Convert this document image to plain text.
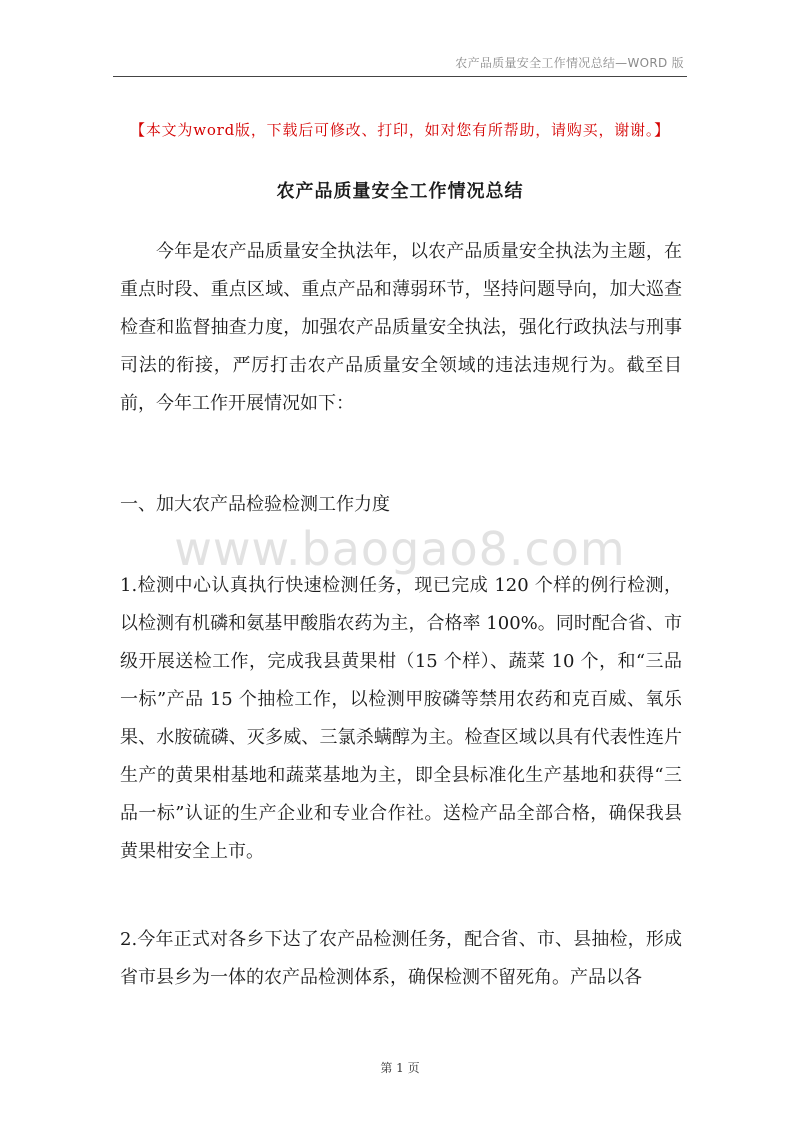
农产品质量安全工作情况总结—WORD 版
【本文为word版，下载后可修改、打印，如对您有所帮助，请购买，谢谢。】
农产品质量安全工作情况总结
今年是农产品质量安全执法年，以农产品质量安全执法为主题，在重点时段、重点区域、重点产品和薄弱环节，坚持问题导向，加大巡查检查和监督抽查力度，加强农产品质量安全执法，强化行政执法与刑事司法的衔接，严厉打击农产品质量安全领域的违法违规行为。截至目前，今年工作开展情况如下：
一、加大农产品检验检测工作力度
www.baogao8.com
1.检测中心认真执行快速检测任务，现已完成 120 个样的例行检测，以检测有机磷和氨基甲酸脂农药为主，合格率 100%。同时配合省、市级开展送检工作，完成我县黄果柑（15 个样）、蔬菜 10 个，和“三品一标”产品 15 个抽检工作，以检测甲胺磷等禁用农药和克百威、氧乐果、水胺硫磷、灭多威、三氯杀螨醇为主。检查区域以具有代表性连片生产的黄果柑基地和蔬菜基地为主，即全县标准化生产基地和获得“三品一标”认证的生产企业和专业合作社。送检产品全部合格，确保我县黄果柑安全上市。
2.今年正式对各乡下达了农产品检测任务，配合省、市、县抽检，形成省市县乡为一体的农产品检测体系，确保检测不留死角。产品以各
第 1 页
